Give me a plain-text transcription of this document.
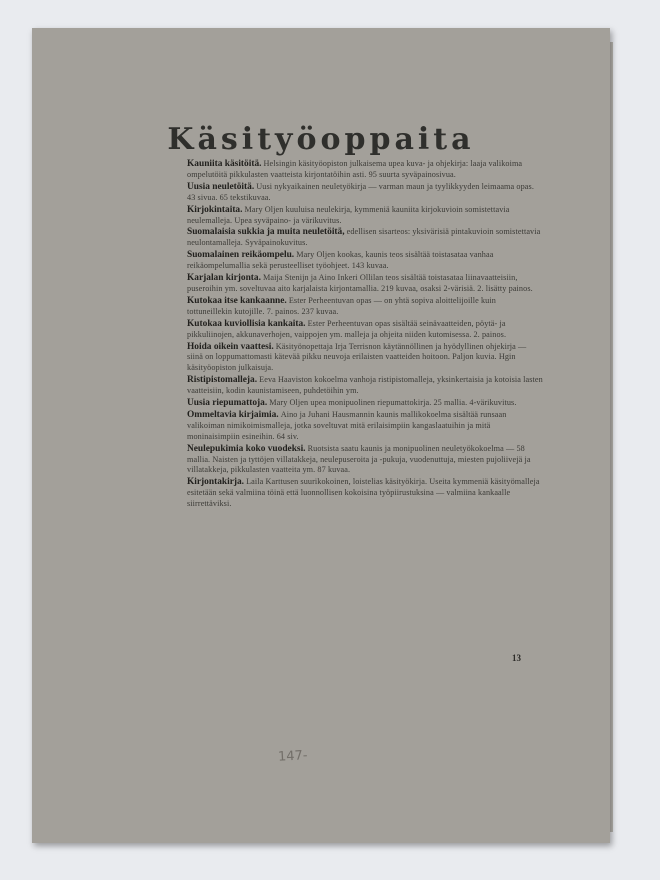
Käsityöoppaita
Kauniita käsitöitä. Helsingin käsityöopiston julkaisema upea kuva- ja ohjekirja: laaja valikoima ompelutöitä pikkulasten vaatteista kirjontatöihin asti. 95 suurta syväpainosivua.
Uusia neuletöitä. Uusi nykyaikainen neuletyökirja — varman maun ja tyylikkyyden leimaama opas. 43 sivua. 65 tekstikuvaa.
Kirjokintaita. Mary Oljen kuuluisa neulekirja, kymmeniä kauniita kirjokuvioin somistettavia neulemalleja. Upea syväpaino- ja värikuvitus.
Suomalaisia sukkia ja muita neuletöitä, edellisen sisarteos: yksivärisiä pintakuvioin somistettavia neulontamalleja. Syväpainokuvitus.
Suomalainen reikäompelu. Mary Oljen kookas, kaunis teos sisältää toistasataa vanhaa reikäompelumallia sekä perusteelliset työohjeet. 143 kuvaa.
Karjalan kirjonta. Maija Stenijn ja Aino Inkeri Ollilan teos sisältää toistasataa liinavaatteisiin, puseroihin ym. soveltuvaa aito karjalaista kirjontamallia. 219 kuvaa, osaksi 2-värisiä. 2. lisätty painos.
Kutokaa itse kankaanne. Ester Perheentuvan opas — on yhtä sopiva aloittelijoille kuin tottuneillekin kutojille. 7. painos. 237 kuvaa.
Kutokaa kuviollisia kankaita. Ester Perheentuvan opas sisältää seinävaatteiden, pöytä- ja pikkuliinojen, akkunaverhojen, vaippojen ym. malleja ja ohjeita niiden kutomisessa. 2. painos.
Hoida oikein vaattesi. Käsityönopettaja Irja Terrisnon käytännöllinen ja hyödyllinen ohjekirja — siinä on loppumattomasti kätevää pikku neuvoja erilaisten vaatteiden hoitoon. Paljon kuvia. Hgin käsityöopiston julkaisuja.
Ristipistomalleja. Eeva Haaviston kokoelma vanhoja ristipistomalleja, yksinkertaisia ja kotoisia lasten vaatteisiin, kodin kaunistamiseen, puhdetöihin ym.
Uusia riepumattoja. Mary Oljen upea monipuolinen riepumattokirja. 25 mallia. 4-värikuvitus.
Ommeltavia kirjaimia. Aino ja Juhani Hausmannin kaunis mallikokoelma sisältää runsaan valikoiman nimikoimismalleja, jotka soveltuvat mitä erilaisimpiin kangaslaatuihin ja mitä moninaisimpiin esineihin. 64 siv.
Neulepukimia koko vuodeksi. Ruotsista saatu kaunis ja monipuolinen neuletyökokoelma — 58 mallia. Naisten ja tyttöjen villatakkeja, neulepuseroita ja -pukuja, vuodenuttuja, miesten pujoliivejä ja villatakkeja, pikkulasten vaatteita ym. 87 kuvaa.
Kirjontakirja. Laila Karttusen suurikokoinen, loistelias käsityökirja. Useita kymmeniä käsityömalleja esitetään sekä valmiina töinä että luonnollisen kokoisina työpiirustuksina — valmiina kankaalle siirrettäviksi.
13
147-
